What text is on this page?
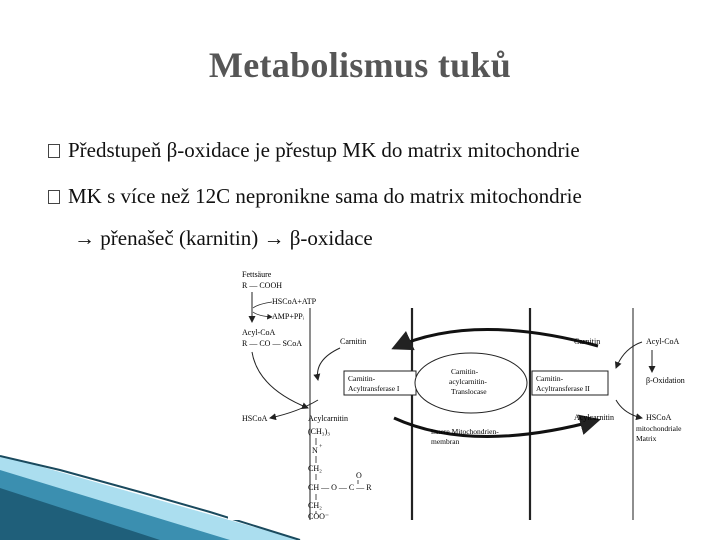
Metabolismus tuků
Předstupeň β-oxidace je přestup MK do matrix mitochondrie
MK s více než 12C nepronikne sama do matrix mitochondrie
→ přenašeč (karnitin) → β-oxidace
Fettsäure
R — COOH
HSCoA+ATP
AMP+PPᵢ
Acyl-CoA
R — CO — SCoA	Carnitin
HSCoA	Acylcarnitin
Carnitin-
Acyltransferase I
Carnitin-
acylcarnitin-
Translocase
Carnitin-
Acyltransferase II
Carnitin	Acyl-CoA
β-Oxidation
HSCoA
Acylcarnitin
mitochondriale
Matrix
innere Mitochondrien-
membran
(CH₃)₃
N +
CH₂
O
CH — O — C — R
CH₂
COO⁻
